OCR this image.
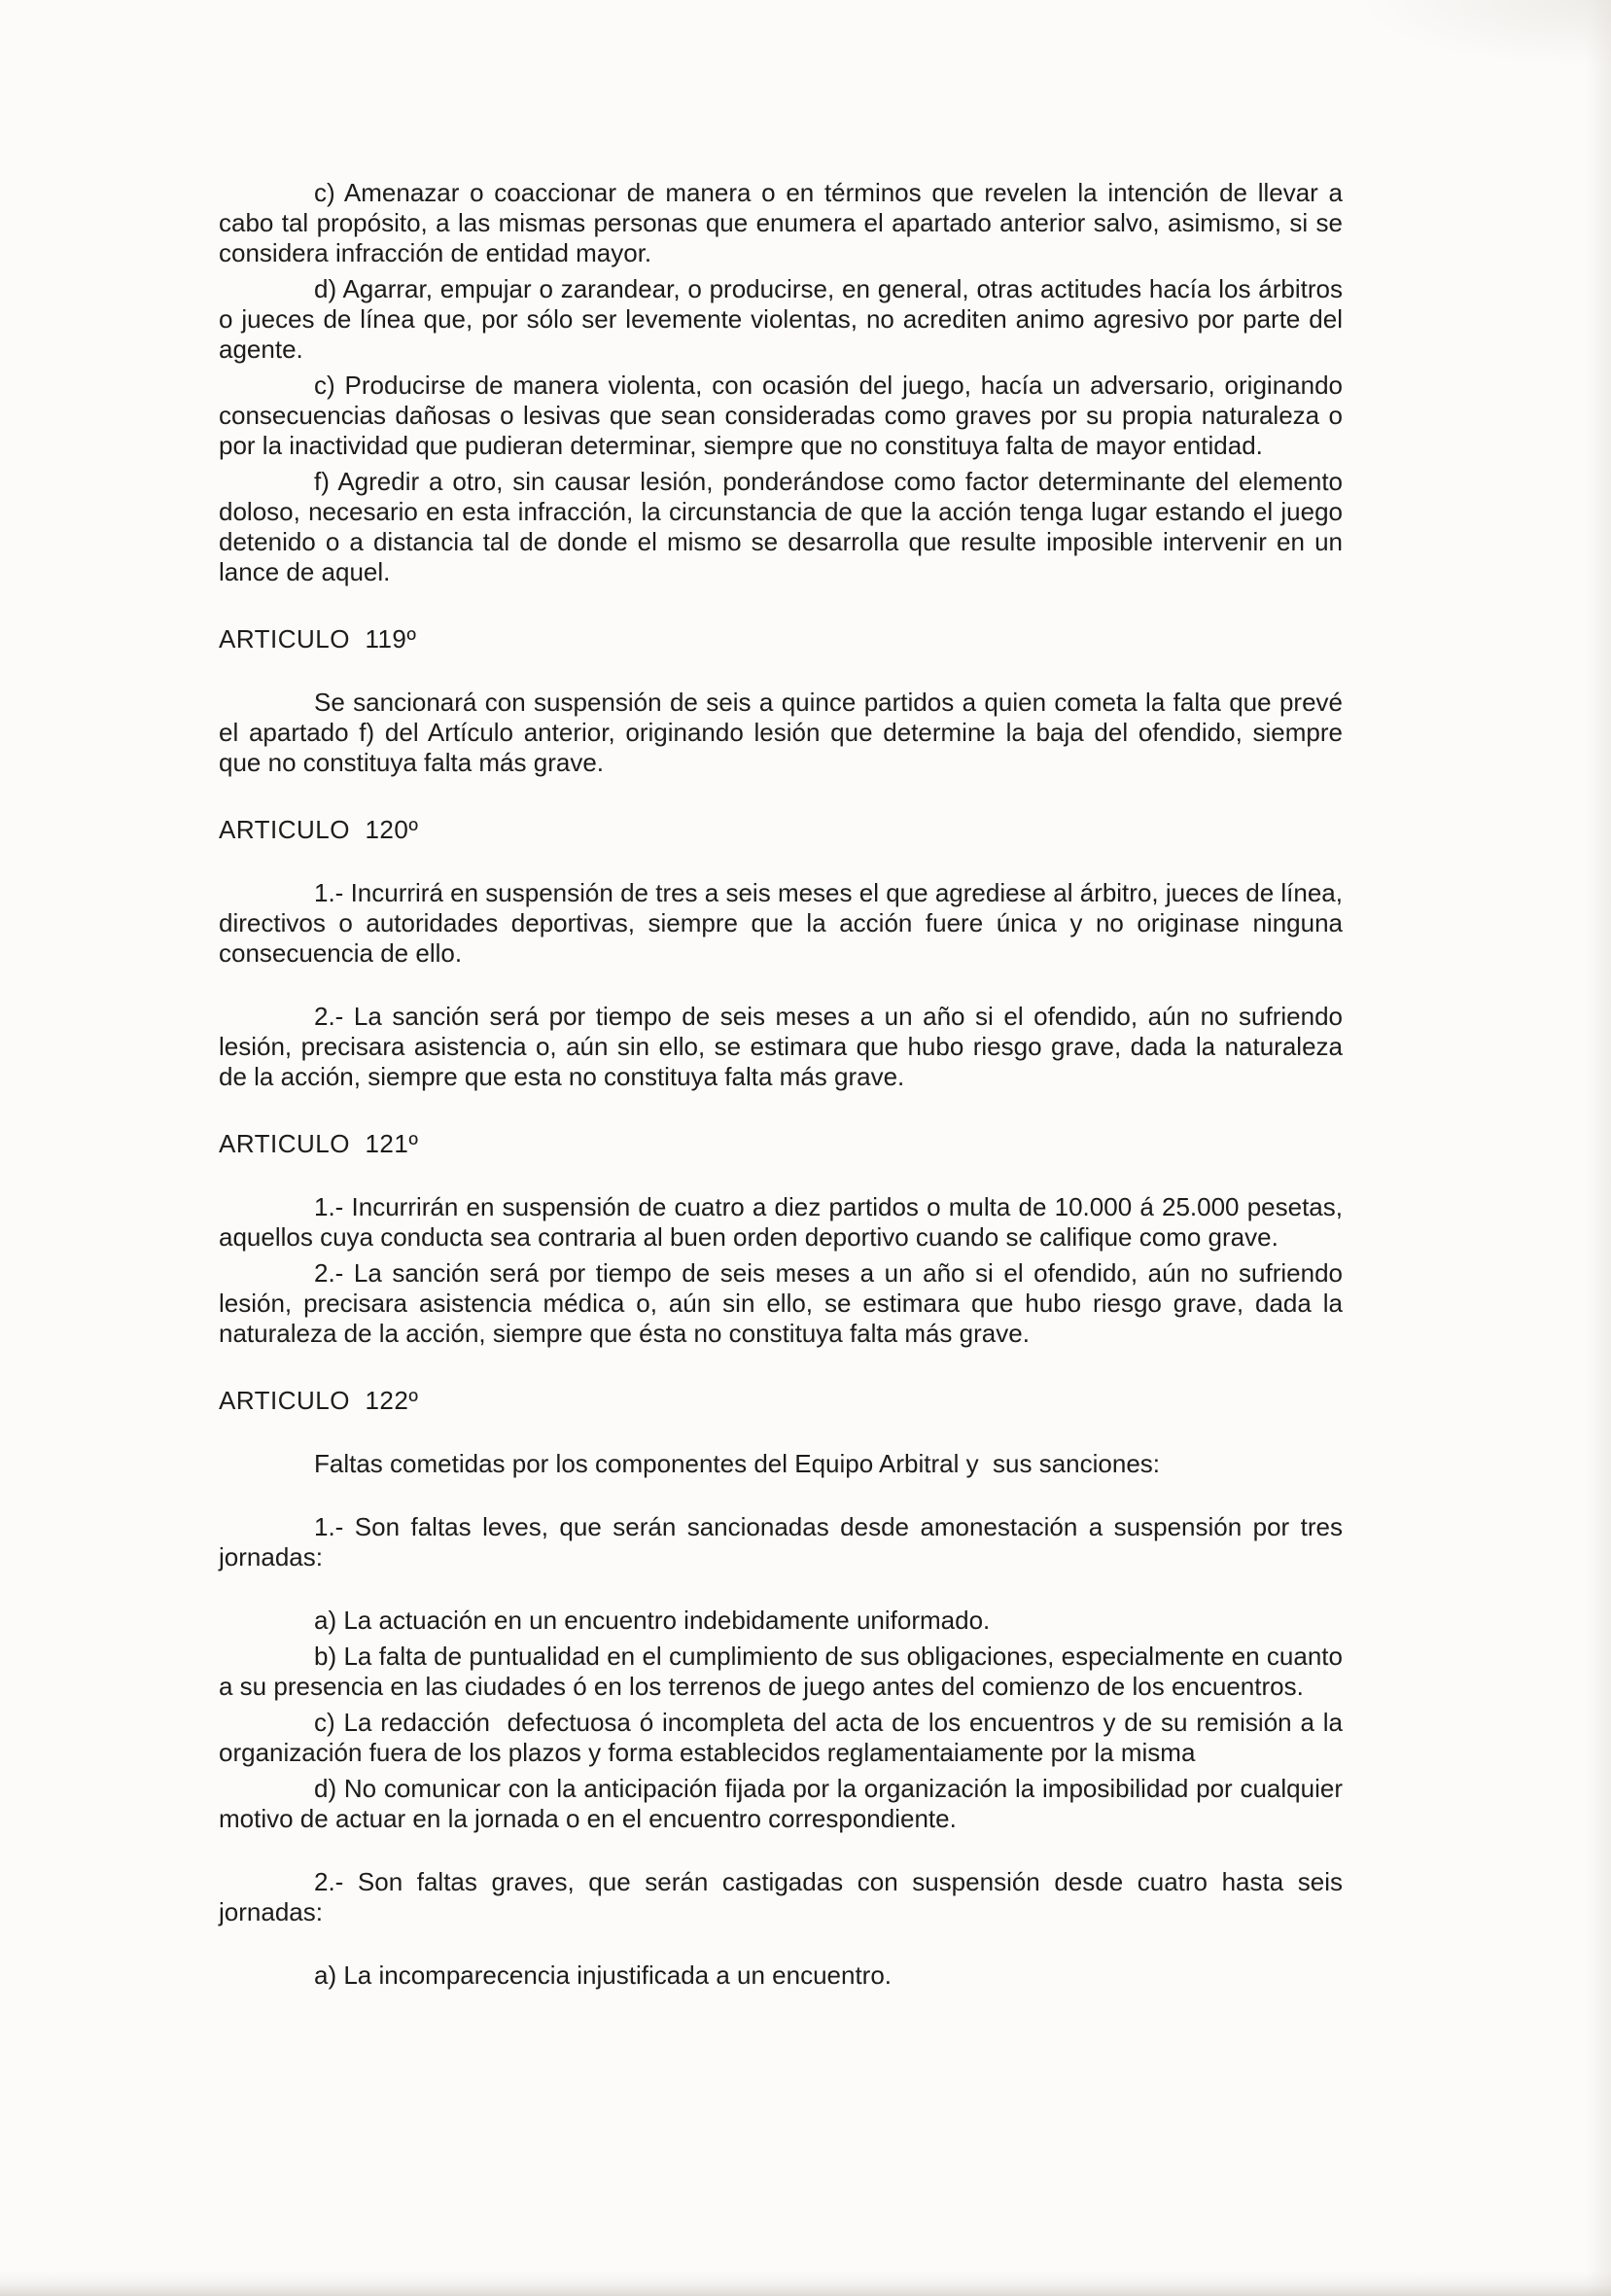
c) Amenazar o coaccionar de manera o en términos que revelen la intención de llevar a cabo tal propósito, a las mismas personas que enumera el apartado anterior salvo, asimismo, si se considera infracción de entidad mayor.
d) Agarrar, empujar o zarandear, o producirse, en general, otras actitudes hacía los árbitros o jueces de línea que, por sólo ser levemente violentas, no acrediten animo agresivo por parte del agente.
c) Producirse de manera violenta, con ocasión del juego, hacía un adversario, originando consecuencias dañosas o lesivas que sean consideradas como graves por su propia naturaleza o por la inactividad que pudieran determinar, siempre que no constituya falta de mayor entidad.
f) Agredir a otro, sin causar lesión, ponderándose como factor determinante del elemento doloso, necesario en esta infracción, la circunstancia de que la acción tenga lugar estando el juego detenido o a distancia tal de donde el mismo se desarrolla que resulte imposible intervenir en un lance de aquel.
ARTICULO  119º
Se sancionará con suspensión de seis a quince partidos a quien cometa la falta que prevé el apartado f) del Artículo anterior, originando lesión que determine la baja del ofendido, siempre que no constituya falta más grave.
ARTICULO  120º
1.- Incurrirá en suspensión de tres a seis meses el que agrediese al árbitro, jueces de línea, directivos o autoridades deportivas, siempre que la acción fuere única y no originase ninguna consecuencia de ello.
2.- La sanción será por tiempo de seis meses a un año si el ofendido, aún no sufriendo lesión, precisara asistencia o, aún sin ello, se estimara que hubo riesgo grave, dada la naturaleza de la acción, siempre que esta no constituya falta más grave.
ARTICULO  121º
1.- Incurrirán en suspensión de cuatro a diez partidos o multa de 10.000 á 25.000 pesetas, aquellos cuya conducta sea contraria al buen orden deportivo cuando se califique como grave.
2.- La sanción será por tiempo de seis meses a un año si el ofendido, aún no sufriendo lesión, precisara asistencia médica o, aún sin ello, se estimara que hubo riesgo grave, dada la naturaleza de la acción, siempre que ésta no constituya falta más grave.
ARTICULO  122º
Faltas cometidas por los componentes del Equipo Arbitral y  sus sanciones:
1.- Son faltas leves, que serán sancionadas desde amonestación a suspensión por tres jornadas:
a) La actuación en un encuentro indebidamente uniformado.
b) La falta de puntualidad en el cumplimiento de sus obligaciones, especialmente en cuanto a su presencia en las ciudades ó en los terrenos de juego antes del comienzo de los encuentros.
c) La redacción  defectuosa ó incompleta del acta de los encuentros y de su remisión a la organización fuera de los plazos y forma establecidos reglamentaiamente por la misma
d) No comunicar con la anticipación fijada por la organización la imposibilidad por cualquier motivo de actuar en la jornada o en el encuentro correspondiente.
2.- Son faltas graves, que serán castigadas con suspensión desde cuatro hasta seis jornadas:
a) La incomparecencia injustificada a un encuentro.
